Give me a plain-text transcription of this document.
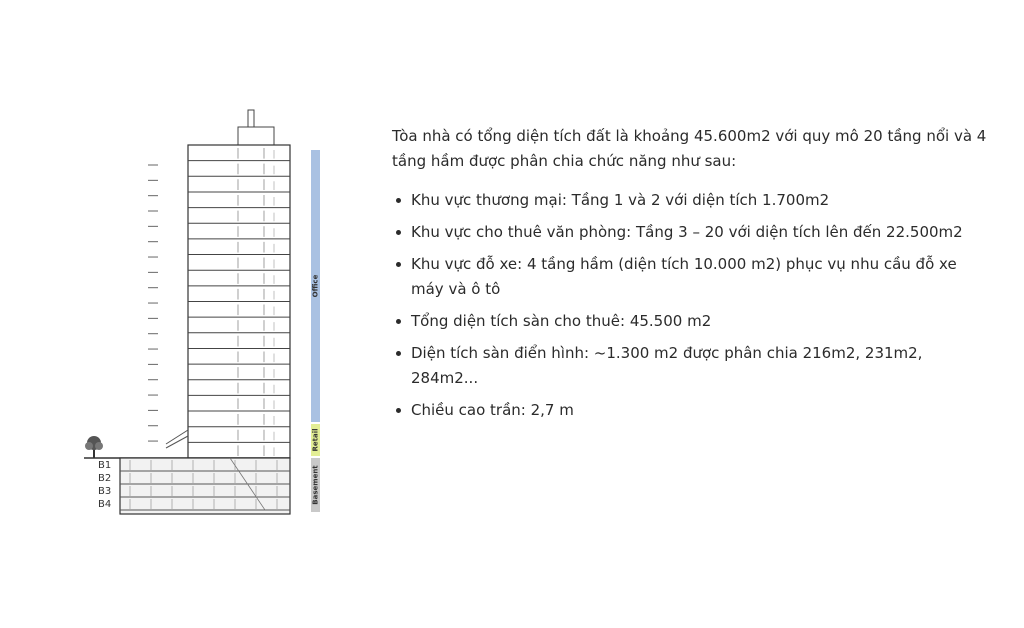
B1
B2
B3
B4
Office
Retail
Basement

Tòa nhà có tổng diện tích đất là khoảng 45.600m2 với quy mô 20 tầng nổi và 4 tầng hầm được phân chia chức năng như sau:

Khu vực thương mại: Tầng 1 và 2 với diện tích 1.700m2
Khu vực cho thuê văn phòng: Tầng 3 – 20 với diện tích lên đến 22.500m2
Khu vực đỗ xe: 4 tầng hầm (diện tích 10.000 m2) phục vụ nhu cầu đỗ xe máy và ô tô
Tổng diện tích sàn cho thuê: 45.500 m2
Diện tích sàn điển hình: ~1.300 m2 được phân chia 216m2, 231m2, 284m2...
Chiều cao trần: 2,7 m
